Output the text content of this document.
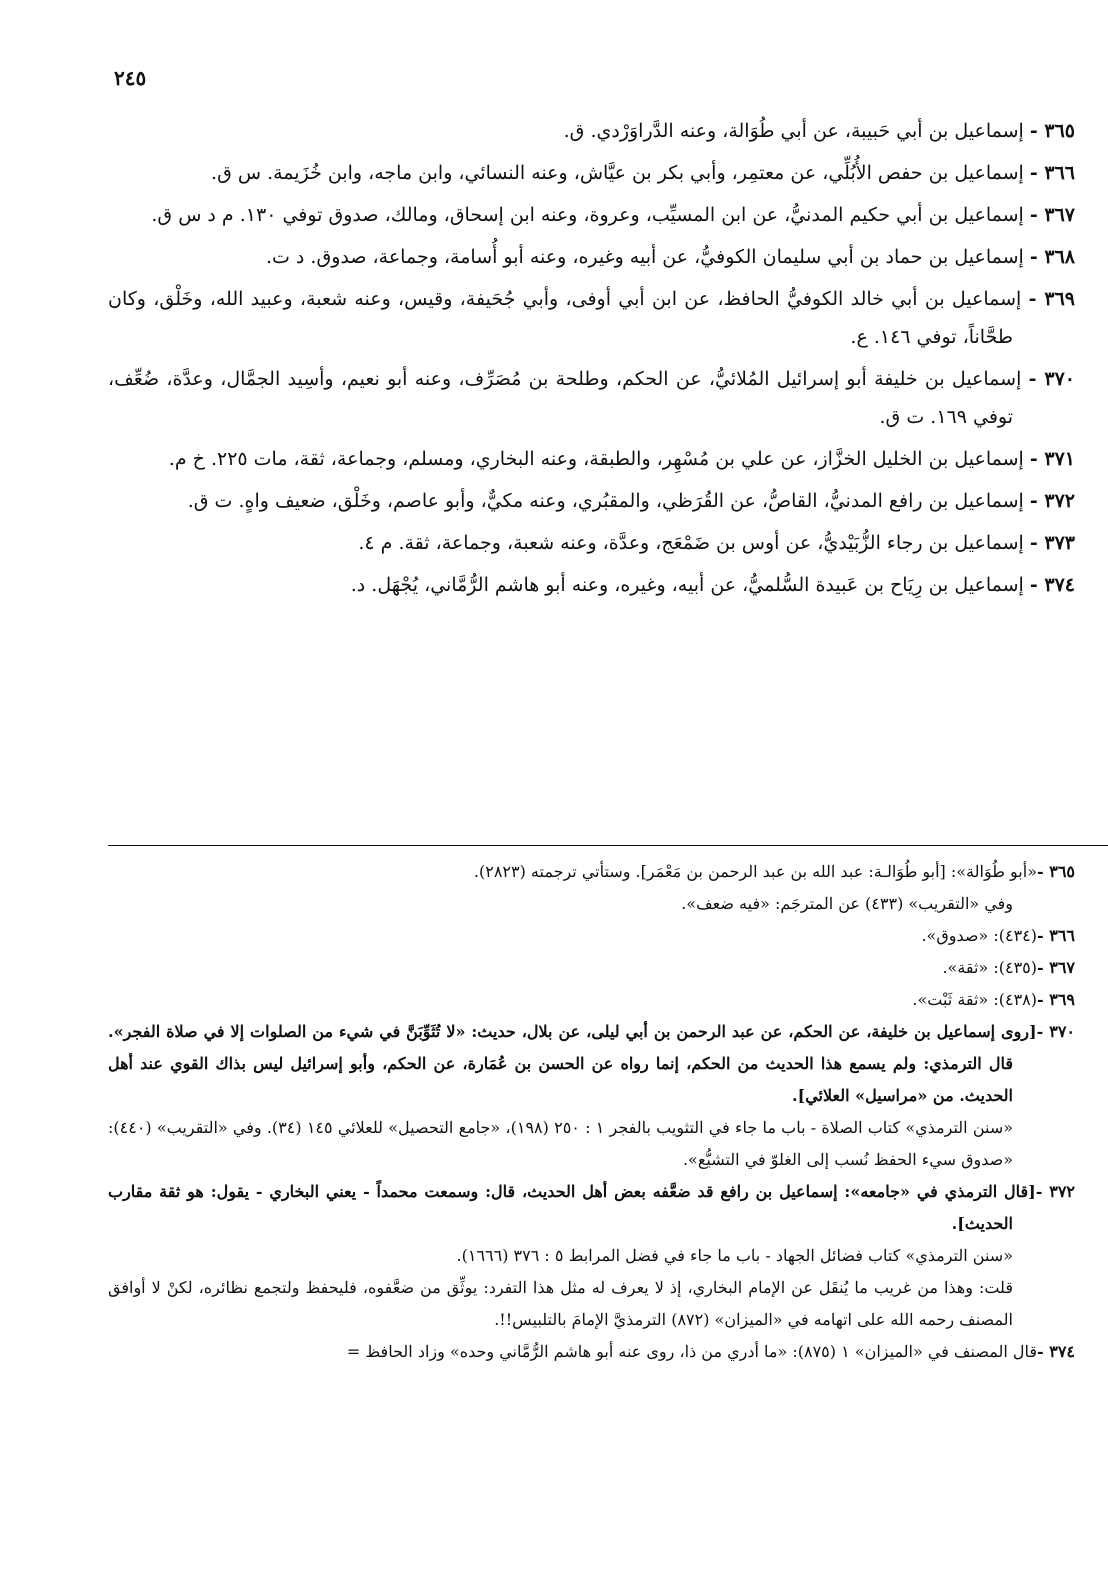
٢٤٥

٣٦٥ - إسماعيل بن أبي حَبيبة، عن أبي طُوَالة، وعنه الدَّراوَرْدي. ق.

٣٦٦ - إسماعيل بن حفص الأُبُلِّي، عن معتمِر، وأبي بكر بن عيَّاش، وعنه النسائي، وابن ماجه، وابن خُزَيمة. س ق.

٣٦٧ - إسماعيل بن أبي حكيم المدنيُّ، عن ابن المسيِّب، وعروة، وعنه ابن إسحاق، ومالك، صدوق توفي ١٣٠. م د س ق.

٣٦٨ - إسماعيل بن حماد بن أبي سليمان الكوفيُّ، عن أبيه وغيره، وعنه أبو أُسامة، وجماعة، صدوق. د ت.

٣٦٩ - إسماعيل بن أبي خالد الكوفيُّ الحافظ، عن ابن أبي أوفى، وأبي جُحَيفة، وقيس، وعنه شعبة، وعبيد الله، وخَلْق، وكان طحَّاناً، توفي ١٤٦. ع.

٣٧٠ - إسماعيل بن خليفة أبو إسرائيل المُلائيُّ، عن الحكم، وطلحة بن مُصَرِّف، وعنه أبو نعيم، وأسِيد الجمَّال، وعدَّة، ضُعِّف، توفي ١٦٩. ت ق.

٣٧١ - إسماعيل بن الخليل الخزَّاز، عن علي بن مُسْهِر، والطبقة، وعنه البخاري، ومسلم، وجماعة، ثقة، مات ٢٢٥. خ م.

٣٧٢ - إسماعيل بن رافع المدنيُّ، القاصُّ، عن القُرَظي، والمقبُري، وعنه مكيٌّ، وأبو عاصم، وخَلْق، ضعيف واهٍ. ت ق.

٣٧٣ - إسماعيل بن رجاء الزُّبَيْديُّ، عن أوس بن ضَمْعَج، وعدَّة، وعنه شعبة، وجماعة، ثقة. م ٤.

٣٧٤ - إسماعيل بن رِيَاح بن عَبيدة السُّلميُّ، عن أبيه، وغيره، وعنه أبو هاشم الرُّمَّاني، يُجْهَل. د.

٣٦٥ -«أبو طُوَالة»: [أبو طُوَالـة: عبد الله بن عبد الرحمن بن مَعْمَر]. وستأتي ترجمته (٢٨٢٣).

وفي «التقريب» (٤٣٣) عن المترجَم: «فيه ضعف».

٣٦٦ -(٤٣٤): «صدوق».

٣٦٧ -(٤٣٥): «ثقة».

٣٦٩ -(٤٣٨): «ثقة ثَبْت».

٣٧٠ -[روى إسماعيل بن خليفة، عن الحكم، عن عبد الرحمن بن أبي ليلى، عن بلال، حديث: «لا تُثَوِّبَنَّ في شيء من الصلوات إلا في صلاة الفجر». قال الترمذي: ولم يسمع هذا الحديث من الحكم، إنما رواه عن الحسن بن عُمَارة، عن الحكم، وأبو إسرائيل ليس بذاك القوي عند أهل الحديث. من «مراسيل» العلائي].

«سنن الترمذي» كتاب الصلاة - باب ما جاء في التثويب بالفجر ١ : ٢٥٠ (١٩٨)، «جامع التحصيل» للعلائي ١٤٥ (٣٤). وفي «التقريب» (٤٤٠): «صدوق سيء الحفظ نُسب إلى الغلوّ في التشيُّع».

٣٧٢ -[قال الترمذي في «جامعه»: إسماعيل بن رافع قد ضعَّفه بعض أهل الحديث، قال: وسمعت محمداً - يعني البخاري - يقول: هو ثقة مقارب الحديث].

«سنن الترمذي» كتاب فضائل الجهاد - باب ما جاء في فضل المرابط ٥ : ٣٧٦ (١٦٦٦).

قلت: وهذا من غريب ما يُنقَل عن الإمام البخاري، إذ لا يعرف له مثل هذا التفرد: يوثِّق من ضعَّفوه، فليحفظ ولتجمع نظائره، لكنْ لا أوافق المصنف رحمه الله على اتهامه في «الميزان» (٨٧٢) الترمذيَّ الإمامَ بالتلبيس!!.

٣٧٤ -قال المصنف في «الميزان» ١ (٨٧٥): «ما أدري من ذا، روى عنه أبو هاشم الرُّمَّاني وحده» وزاد الحافظ =
